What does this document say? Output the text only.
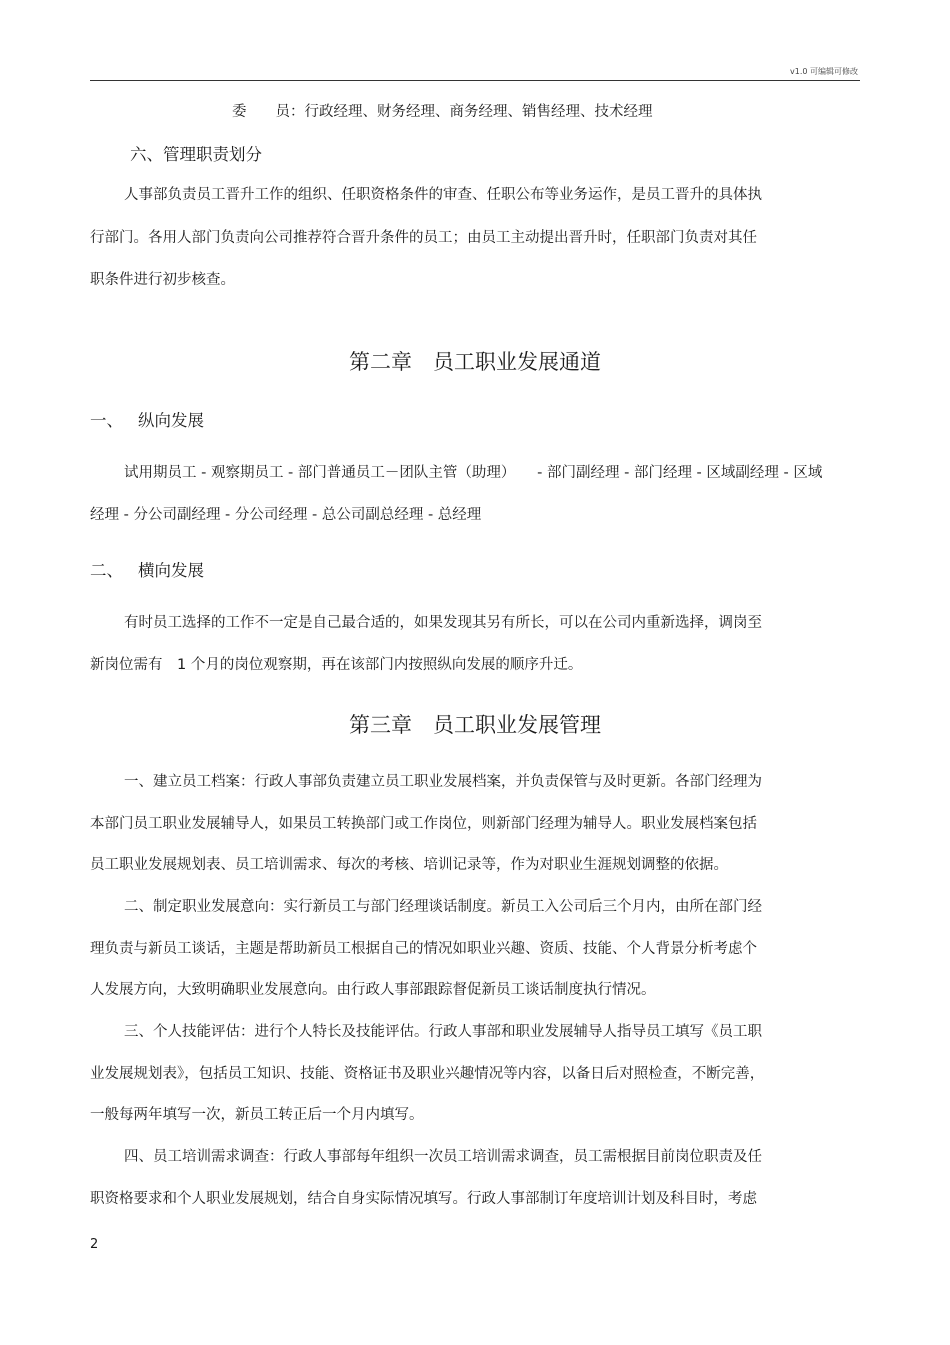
v1.0 可编辑可修改
委　　员：行政经理、财务经理、商务经理、销售经理、技术经理
六、管理职责划分
人事部负责员工晋升工作的组织、任职资格条件的审查、任职公布等业务运作，是员工晋升的具体执
行部门。各用人部门负责向公司推荐符合晋升条件的员工；由员工主动提出晋升时，任职部门负责对其任
职条件进行初步核查。
第二章　员工职业发展通道
一、 纵向发展
试用期员工 - 观察期员工 - 部门普通员工－团队主管（助理）　　- 部门副经理 - 部门经理 - 区域副经理 - 区域
经理 - 分公司副经理 - 分公司经理 - 总公司副总经理 - 总经理
二、 横向发展
有时员工选择的工作不一定是自己最合适的，如果发现其另有所长，可以在公司内重新选择，调岗至
新岗位需有　1 个月的岗位观察期，再在该部门内按照纵向发展的顺序升迁。
第三章　员工职业发展管理
一、建立员工档案：行政人事部负责建立员工职业发展档案，并负责保管与及时更新。各部门经理为
本部门员工职业发展辅导人，如果员工转换部门或工作岗位，则新部门经理为辅导人。职业发展档案包括
员工职业发展规划表、员工培训需求、每次的考核、培训记录等，作为对职业生涯规划调整的依据。
二、制定职业发展意向：实行新员工与部门经理谈话制度。新员工入公司后三个月内，由所在部门经
理负责与新员工谈话，主题是帮助新员工根据自己的情况如职业兴趣、资质、技能、个人背景分析考虑个
人发展方向，大致明确职业发展意向。由行政人事部跟踪督促新员工谈话制度执行情况。
三、个人技能评估：进行个人特长及技能评估。行政人事部和职业发展辅导人指导员工填写《员工职
业发展规划表》，包括员工知识、技能、资格证书及职业兴趣情况等内容，以备日后对照检查，不断完善，
一般每两年填写一次，新员工转正后一个月内填写。
四、员工培训需求调查：行政人事部每年组织一次员工培训需求调查，员工需根据目前岗位职责及任
职资格要求和个人职业发展规划，结合自身实际情况填写。行政人事部制订年度培训计划及科目时，考虑
2
